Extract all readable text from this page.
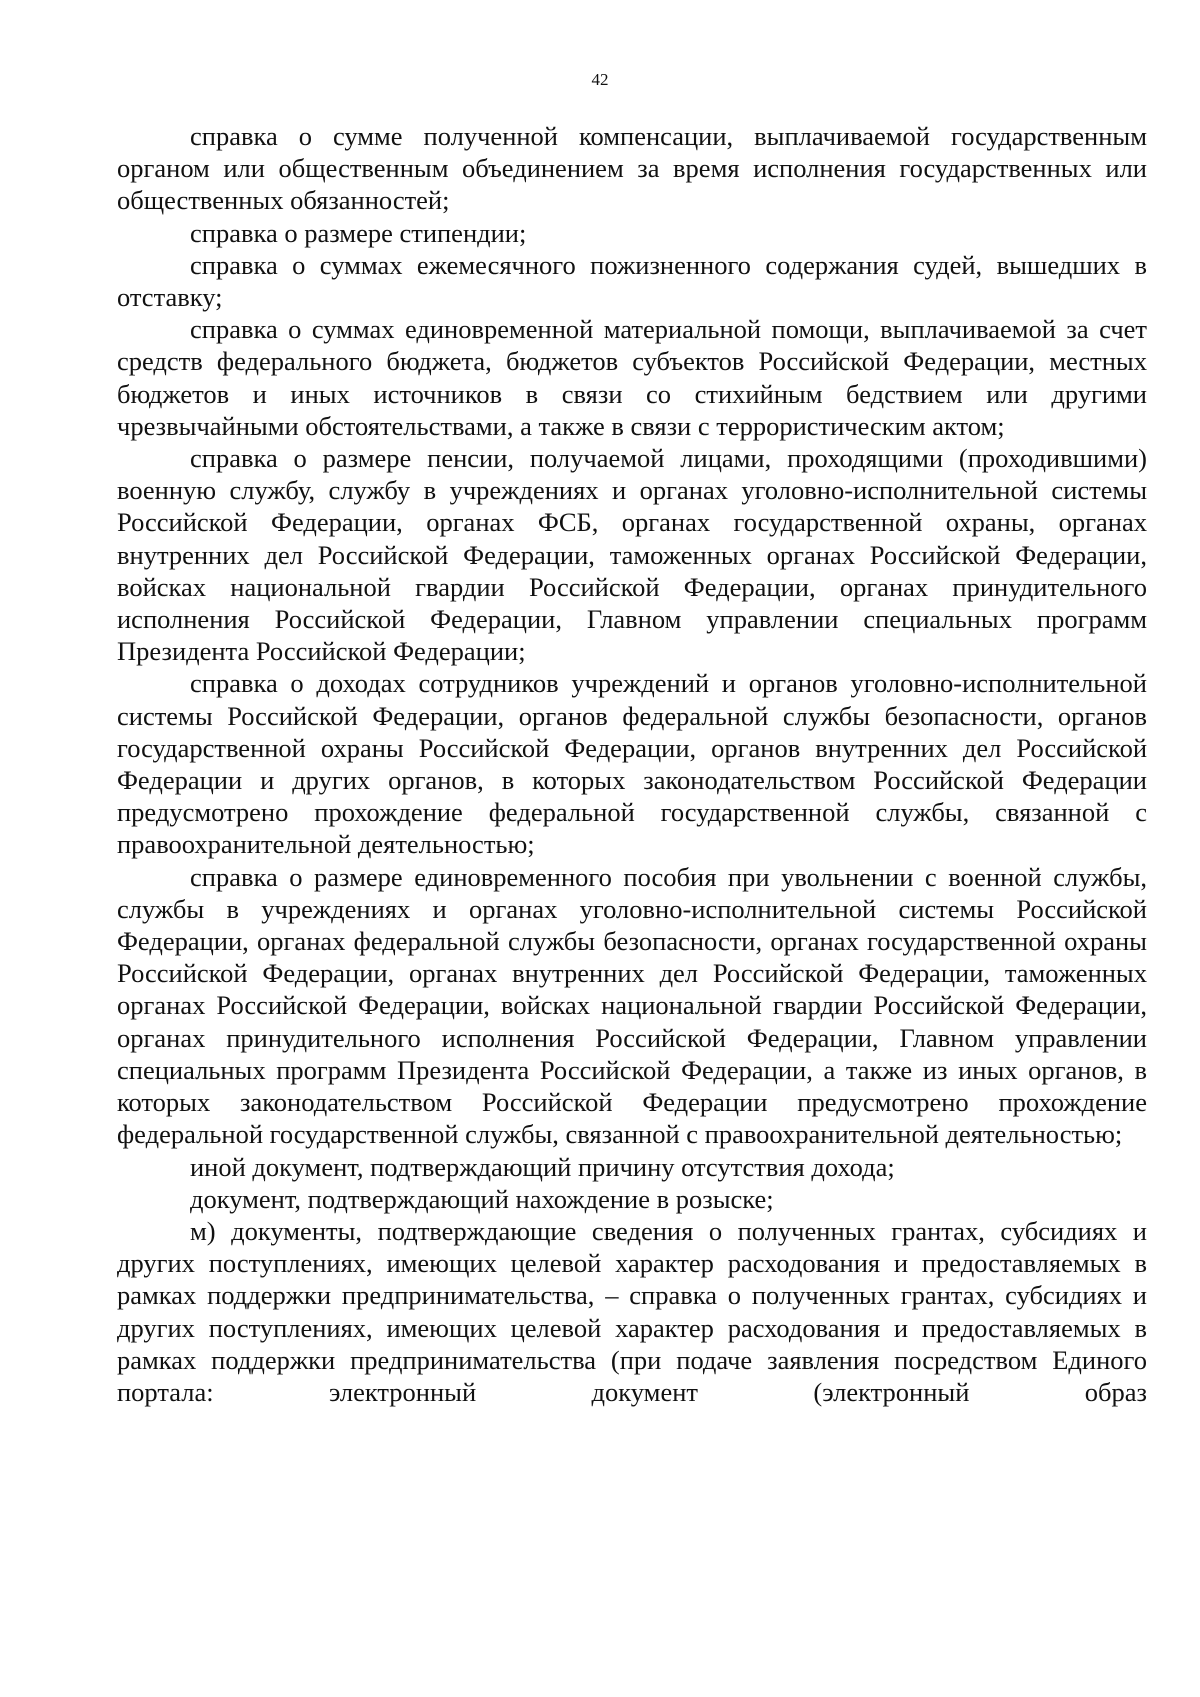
42

справка о сумме полученной компенсации, выплачиваемой государственным органом или общественным объединением за время исполнения государственных или общественных обязанностей;

справка о размере стипендии;

справка о суммах ежемесячного пожизненного содержания судей, вышедших в отставку;

справка о суммах единовременной материальной помощи, выплачиваемой за счет средств федерального бюджета, бюджетов субъектов Российской Федерации, местных бюджетов и иных источников в связи со стихийным бедствием или другими чрезвычайными обстоятельствами, а также в связи с террористическим актом;

справка о размере пенсии, получаемой лицами, проходящими (проходившими) военную службу, службу в учреждениях и органах уголовно-исполнительной системы Российской Федерации, органах ФСБ, органах государственной охраны, органах внутренних дел Российской Федерации, таможенных органах Российской Федерации, войсках национальной гвардии Российской Федерации, органах принудительного исполнения Российской Федерации, Главном управлении специальных программ Президента Российской Федерации;

справка о доходах сотрудников учреждений и органов уголовно-исполнительной системы Российской Федерации, органов федеральной службы безопасности, органов государственной охраны Российской Федерации, органов внутренних дел Российской Федерации и других органов, в которых законодательством Российской Федерации предусмотрено прохождение федеральной государственной службы, связанной с правоохранительной деятельностью;

справка о размере единовременного пособия при увольнении с военной службы, службы в учреждениях и органах уголовно-исполнительной системы Российской Федерации, органах федеральной службы безопасности, органах государственной охраны Российской Федерации, органах внутренних дел Российской Федерации, таможенных органах Российской Федерации, войсках национальной гвардии Российской Федерации, органах принудительного исполнения Российской Федерации, Главном управлении специальных программ Президента Российской Федерации, а также из иных органов, в которых законодательством Российской Федерации предусмотрено прохождение федеральной государственной службы, связанной с правоохранительной деятельностью;

иной документ, подтверждающий причину отсутствия дохода;

документ, подтверждающий нахождение в розыске;

м) документы, подтверждающие сведения о полученных грантах, субсидиях и других поступлениях, имеющих целевой характер расходования и предоставляемых в рамках поддержки предпринимательства, – справка о полученных грантах, субсидиях и других поступлениях, имеющих целевой характер расходования и предоставляемых в рамках поддержки предпринимательства (при подаче заявления посредством Единого портала: электронный документ (электронный образ
